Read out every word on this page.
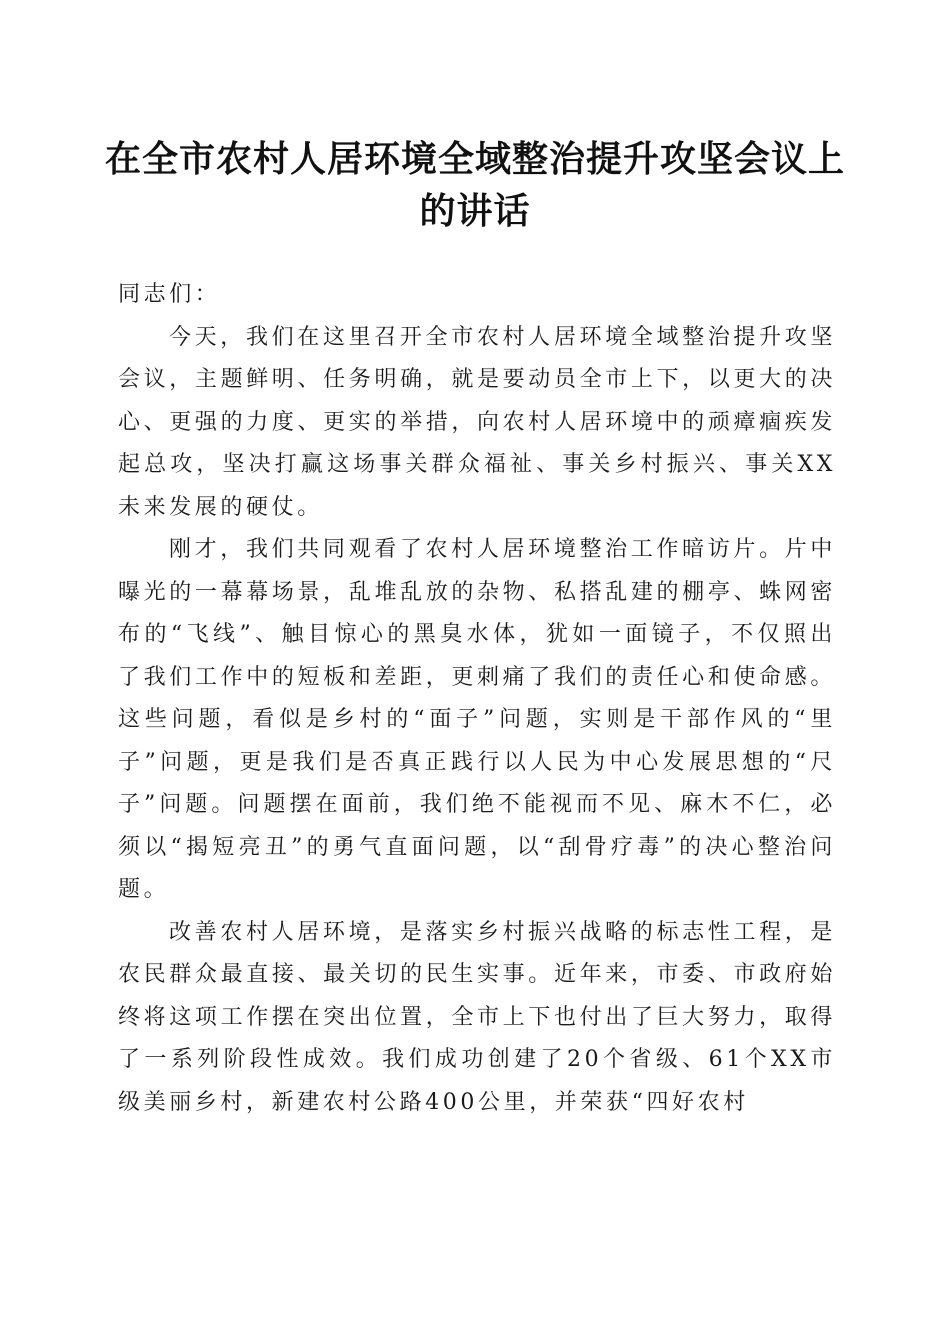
在全市农村人居环境全域整治提升攻坚会议上的讲话

同志们：

今天，我们在这里召开全市农村人居环境全域整治提升攻坚会议，主题鲜明、任务明确，就是要动员全市上下，以更大的决心、更强的力度、更实的举措，向农村人居环境中的顽瘴痼疾发起总攻，坚决打赢这场事关群众福祉、事关乡村振兴、事关XX未来发展的硬仗。

刚才，我们共同观看了农村人居环境整治工作暗访片。片中曝光的一幕幕场景，乱堆乱放的杂物、私搭乱建的棚亭、蛛网密布的“飞线”、触目惊心的黑臭水体，犹如一面镜子，不仅照出了我们工作中的短板和差距，更刺痛了我们的责任心和使命感。这些问题，看似是乡村的“面子”问题，实则是干部作风的“里子”问题，更是我们是否真正践行以人民为中心发展思想的“尺子”问题。问题摆在面前，我们绝不能视而不见、麻木不仁，必须以“揭短亮丑”的勇气直面问题，以“刮骨疗毒”的决心整治问题。

改善农村人居环境，是落实乡村振兴战略的标志性工程，是农民群众最直接、最关切的民生实事。近年来，市委、市政府始终将这项工作摆在突出位置，全市上下也付出了巨大努力，取得了一系列阶段性成效。我们成功创建了20个省级、61个XX市级美丽乡村，新建农村公路400公里，并荣获“四好农村
